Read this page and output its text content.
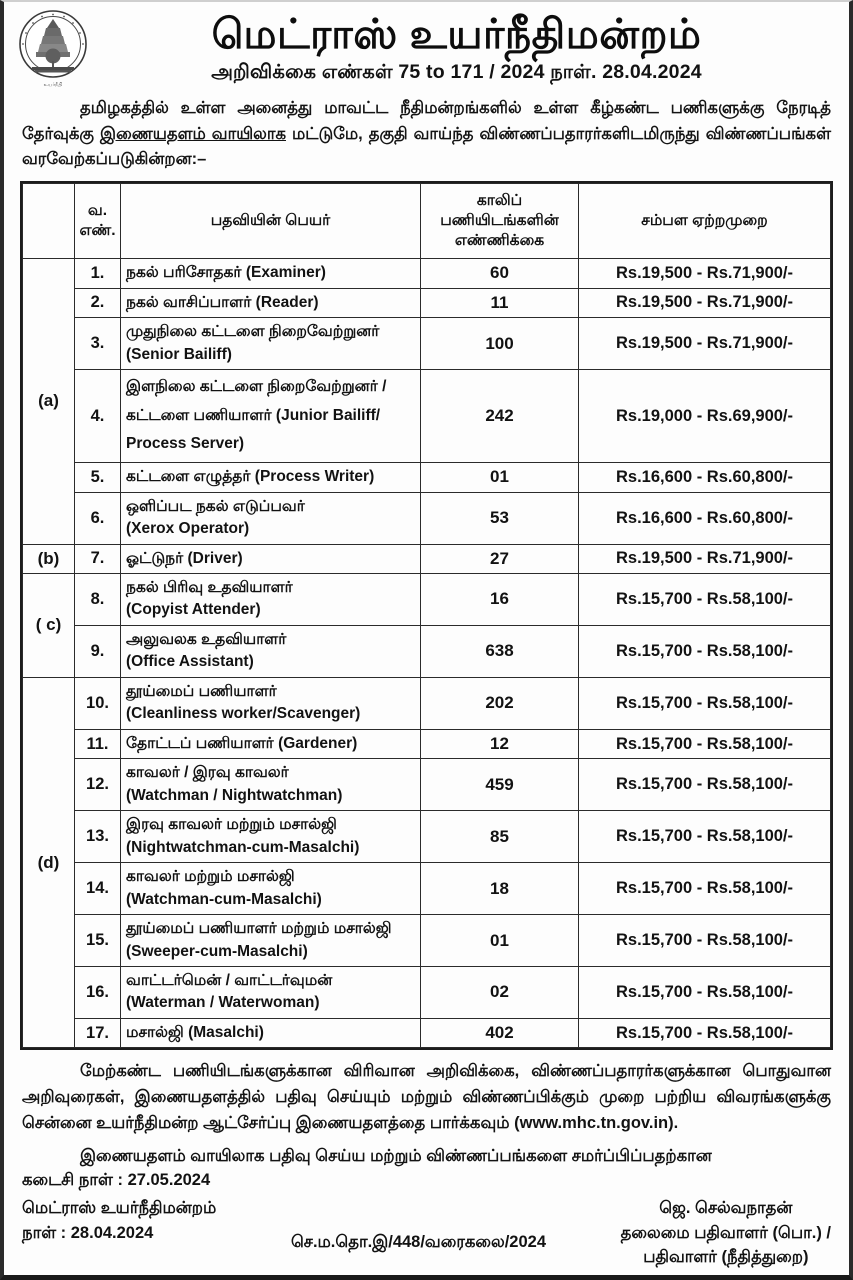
உயர்நீதி
மெட்ராஸ் உயர்நீதிமன்றம்
அறிவிக்கை எண்கள் 75 to 171 / 2024 நாள். 28.04.2024

தமிழகத்தில் உள்ள அனைத்து மாவட்ட நீதிமன்றங்களில் உள்ள கீழ்கண்ட பணிகளுக்கு நேரடித் தேர்வுக்கு இணையதளம் வாயிலாக மட்டுமே, தகுதி வாய்ந்த விண்ணப்பதாரர்களிடமிருந்து விண்ணப்பங்கள் வரவேற்கப்படுகின்றன:–

	வ. எண்.	பதவியின் பெயர்	காலிப்
பணியிடங்களின்
எண்ணிக்கை	சம்பள ஏற்றமுறை
(a)	1.	நகல் பரிசோதகர் (Examiner)	60	Rs.19,500 - Rs.71,900/-
	2.	நகல் வாசிப்பாளர் (Reader)	11	Rs.19,500 - Rs.71,900/-
	3.	முதுநிலை கட்டளை நிறைவேற்றுனர்
(Senior Bailiff)	100	Rs.19,500 - Rs.71,900/-
	4.	இளநிலை கட்டளை நிறைவேற்றுனர் /
கட்டளை பணியாளர் (Junior Bailiff/
Process Server)	242	Rs.19,000 - Rs.69,900/-
	5.	கட்டளை எழுத்தர் (Process Writer)	01	Rs.16,600 - Rs.60,800/-
	6.	ஒளிப்பட நகல் எடுப்பவர்
(Xerox Operator)	53	Rs.16,600 - Rs.60,800/-
(b)	7.	ஓட்டுநர் (Driver)	27	Rs.19,500 - Rs.71,900/-
( c)	8.	நகல் பிரிவு உதவியாளர்
(Copyist Attender)	16	Rs.15,700 - Rs.58,100/-
	9.	அலுவலக உதவியாளர்
(Office Assistant)	638	Rs.15,700 - Rs.58,100/-
(d)	10.	தூய்மைப் பணியாளர்
(Cleanliness worker/Scavenger)	202	Rs.15,700 - Rs.58,100/-
	11.	தோட்டப் பணியாளர் (Gardener)	12	Rs.15,700 - Rs.58,100/-
	12.	காவலர் / இரவு காவலர்
(Watchman / Nightwatchman)	459	Rs.15,700 - Rs.58,100/-
	13.	இரவு காவலர் மற்றும் மசால்ஜி
(Nightwatchman-cum-Masalchi)	85	Rs.15,700 - Rs.58,100/-
	14.	காவலர் மற்றும் மசால்ஜி
(Watchman-cum-Masalchi)	18	Rs.15,700 - Rs.58,100/-
	15.	தூய்மைப் பணியாளர் மற்றும் மசால்ஜி
(Sweeper-cum-Masalchi)	01	Rs.15,700 - Rs.58,100/-
	16.	வாட்டர்மென் / வாட்டர்வுமன்
(Waterman / Waterwoman)	02	Rs.15,700 - Rs.58,100/-
	17.	மசால்ஜி (Masalchi)	402	Rs.15,700 - Rs.58,100/-

மேற்கண்ட பணியிடங்களுக்கான விரிவான அறிவிக்கை, விண்ணப்பதாரர்களுக்கான பொதுவான அறிவுரைகள், இணையதளத்தில் பதிவு செய்யும் மற்றும் விண்ணப்பிக்கும் முறை பற்றிய விவரங்களுக்கு சென்னை உயர்நீதிமன்ற ஆட்சேர்ப்பு இணையதளத்தை பார்க்கவும் (www.mhc.tn.gov.in).

இணையதளம் வாயிலாக பதிவு செய்ய மற்றும் விண்ணப்பங்களை சமர்ப்பிப்பதற்கான

கடைசி நாள் : 27.05.2024
மெட்ராஸ் உயர்நீதிமன்றம்
நாள் : 28.04.2024	செ.ம.தொ.இ/448/வரைகலை/2024
ஜெ. செல்வநாதன்
தலைமை பதிவாளர் (பொ.) /
பதிவாளர் (நீதித்துறை)
